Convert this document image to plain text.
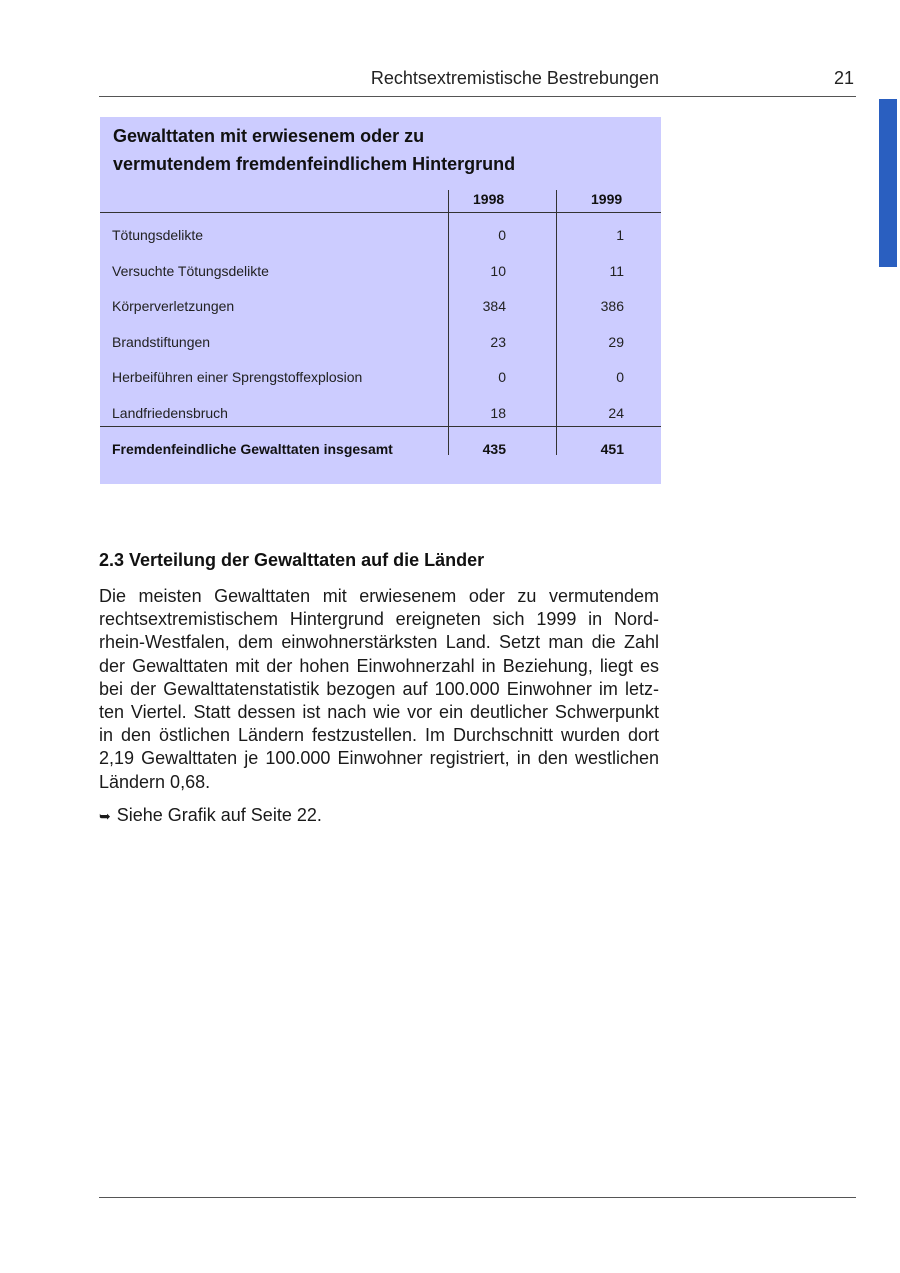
Rechtsextremistische Bestrebungen	21
Gewalttaten mit erwiesenem oder zu
vermutendem fremdenfeindlichem Hintergrund
1998	1999
Tötungsdelikte	0	1
Versuchte Tötungsdelikte	10	11
Körperverletzungen	384	386
Brandstiftungen	23	29
Herbeiführen einer Sprengstoffexplosion	0	0
Landfriedensbruch	18	24
Fremdenfeindliche Gewalttaten insgesamt	435	451
2.3 Verteilung der Gewalttaten auf die Länder
Die meisten Gewalttaten mit erwiesenem oder zu vermutendem
rechtsextremistischem Hintergrund ereigneten sich 1999 in Nord-
rhein-Westfalen, dem einwohnerstärksten Land. Setzt man die Zahl
der Gewalttaten mit der hohen Einwohnerzahl in Beziehung, liegt es
bei der Gewalttatenstatistik bezogen auf 100.000 Einwohner im letz-
ten Viertel. Statt dessen ist nach wie vor ein deutlicher Schwerpunkt
in den östlichen Ländern festzustellen. Im Durchschnitt wurden dort
2,19 Gewalttaten je 100.000 Einwohner registriert, in den westlichen
Ländern 0,68.
➥ Siehe Grafik auf Seite 22.
